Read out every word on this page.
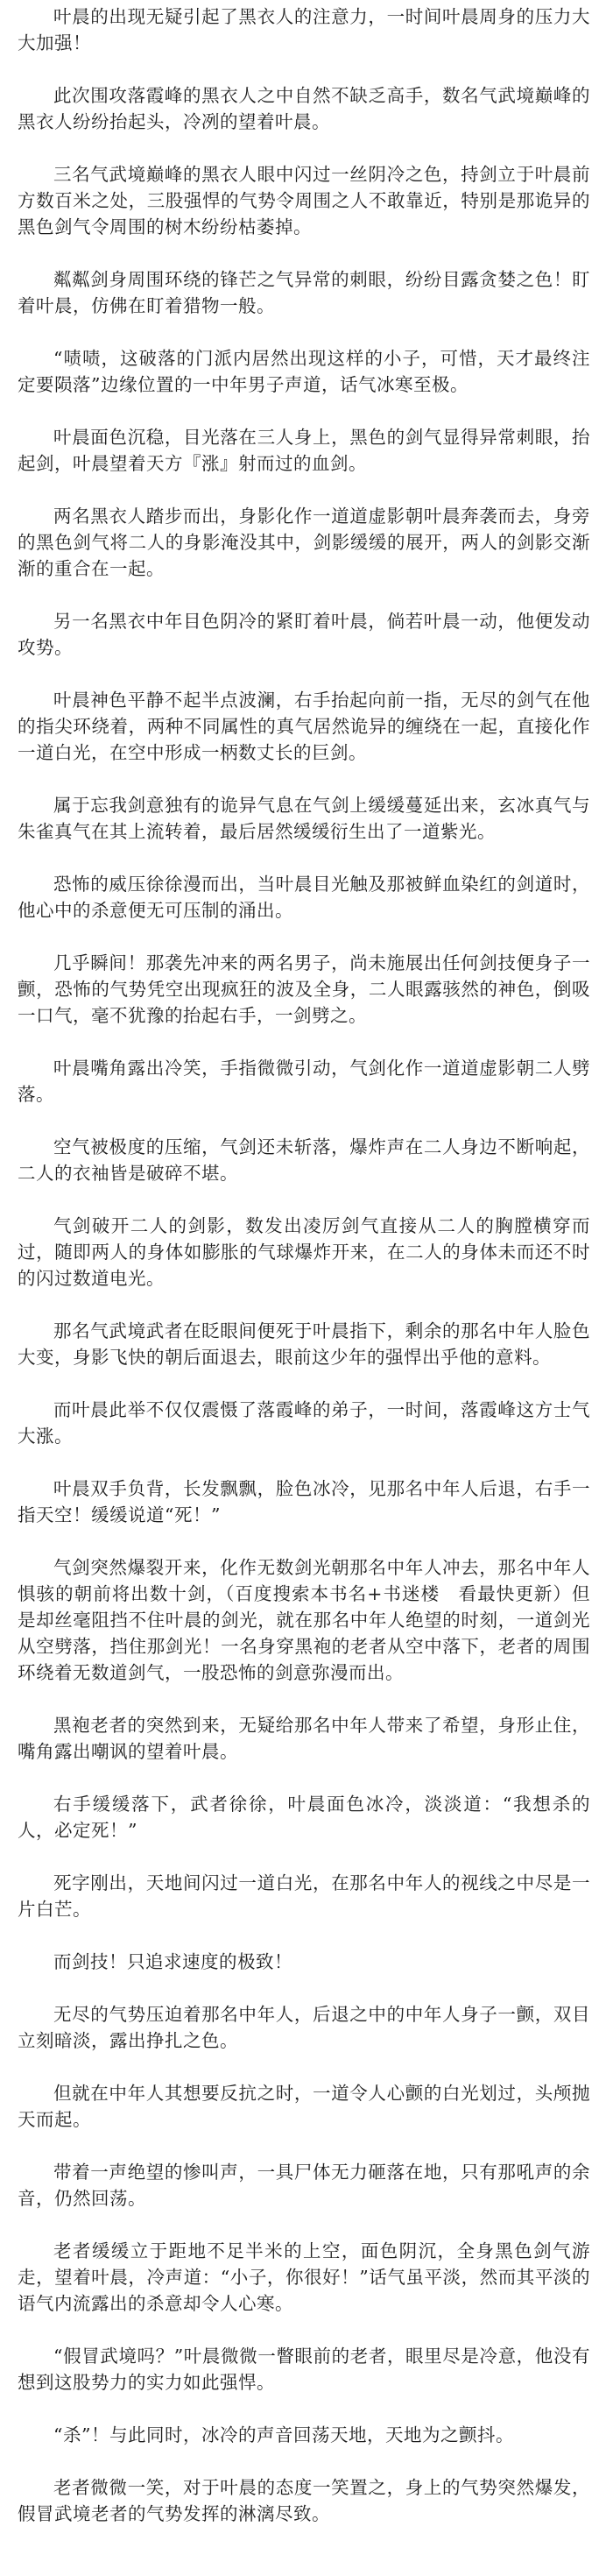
叶晨的出现无疑引起了黑衣人的注意力，一时间叶晨周身的压力大大加强！

此次围攻落霞峰的黑衣人之中自然不缺乏高手，数名气武境巅峰的黑衣人纷纷抬起头，冷冽的望着叶晨。

三名气武境巅峰的黑衣人眼中闪过一丝阴冷之色，持剑立于叶晨前方数百米之处，三股强悍的气势令周围之人不敢靠近，特别是那诡异的黑色剑气令周围的树木纷纷枯萎掉。

粼粼剑身周围环绕的锋芒之气异常的刺眼，纷纷目露贪婪之色！盯着叶晨，仿佛在盯着猎物一般。

“啧啧，这破落的门派内居然出现这样的小子，可惜，天才最终注定要陨落”边缘位置的一中年男子声道，话气冰寒至极。

叶晨面色沉稳，目光落在三人身上，黑色的剑气显得异常刺眼，抬起剑，叶晨望着天方『涨』射而过的血剑。

两名黑衣人踏步而出，身影化作一道道虚影朝叶晨奔袭而去，身旁的黑色剑气将二人的身影淹没其中，剑影缓缓的展开，两人的剑影交渐渐的重合在一起。

另一名黑衣中年目色阴冷的紧盯着叶晨，倘若叶晨一动，他便发动攻势。

叶晨神色平静不起半点波澜，右手抬起向前一指，无尽的剑气在他的指尖环绕着，两种不同属性的真气居然诡异的缠绕在一起，直接化作一道白光，在空中形成一柄数丈长的巨剑。

属于忘我剑意独有的诡异气息在气剑上缓缓蔓延出来，玄冰真气与朱雀真气在其上流转着，最后居然缓缓衍生出了一道紫光。

恐怖的威压徐徐漫而出，当叶晨目光触及那被鲜血染红的剑道时，他心中的杀意便无可压制的涌出。

几乎瞬间！那袭先冲来的两名男子，尚未施展出任何剑技便身子一颤，恐怖的气势凭空出现疯狂的波及全身，二人眼露骇然的神色，倒吸一口气，毫不犹豫的抬起右手，一剑劈之。

叶晨嘴角露出冷笑，手指微微引动，气剑化作一道道虚影朝二人劈落。

空气被极度的压缩，气剑还未斩落，爆炸声在二人身边不断响起，二人的衣袖皆是破碎不堪。

气剑破开二人的剑影，数发出凌厉剑气直接从二人的胸膛横穿而过，随即两人的身体如膨胀的气球爆炸开来，在二人的身体未而还不时的闪过数道电光。

那名气武境武者在眨眼间便死于叶晨指下，剩余的那名中年人脸色大变，身影飞快的朝后面退去，眼前这少年的强悍出乎他的意料。

而叶晨此举不仅仅震慑了落霞峰的弟子，一时间，落霞峰这方士气大涨。

叶晨双手负背，长发飘飘，脸色冰冷，见那名中年人后退，右手一指天空！缓缓说道“死！”

气剑突然爆裂开来，化作无数剑光朝那名中年人冲去，那名中年人惧骇的朝前将出数十剑，（百度搜索本书名+书迷楼　看最快更新）但是却丝毫阻挡不住叶晨的剑光，就在那名中年人绝望的时刻，一道剑光从空劈落，挡住那剑光！一名身穿黑袍的老者从空中落下，老者的周围环绕着无数道剑气，一股恐怖的剑意弥漫而出。

黑袍老者的突然到来，无疑给那名中年人带来了希望，身形止住，嘴角露出嘲讽的望着叶晨。

右手缓缓落下，武者徐徐，叶晨面色冰冷，淡淡道：“我想杀的人，必定死！”

死字刚出，天地间闪过一道白光，在那名中年人的视线之中尽是一片白芒。

而剑技！只追求速度的极致！

无尽的气势压迫着那名中年人，后退之中的中年人身子一颤，双目立刻暗淡，露出挣扎之色。

但就在中年人其想要反抗之时，一道令人心颤的白光划过，头颅抛天而起。

带着一声绝望的惨叫声，一具尸体无力砸落在地，只有那吼声的余音，仍然回荡。

老者缓缓立于距地不足半米的上空，面色阴沉，全身黑色剑气游走，望着叶晨，冷声道：“小子，你很好！”话气虽平淡，然而其平淡的语气内流露出的杀意却令人心寒。

“假冒武境吗？”叶晨微微一瞥眼前的老者，眼里尽是冷意，他没有想到这股势力的实力如此强悍。

“杀”！与此同时，冰冷的声音回荡天地，天地为之颤抖。

老者微微一笑，对于叶晨的态度一笑置之，身上的气势突然爆发，假冒武境老者的气势发挥的淋漓尽致。
